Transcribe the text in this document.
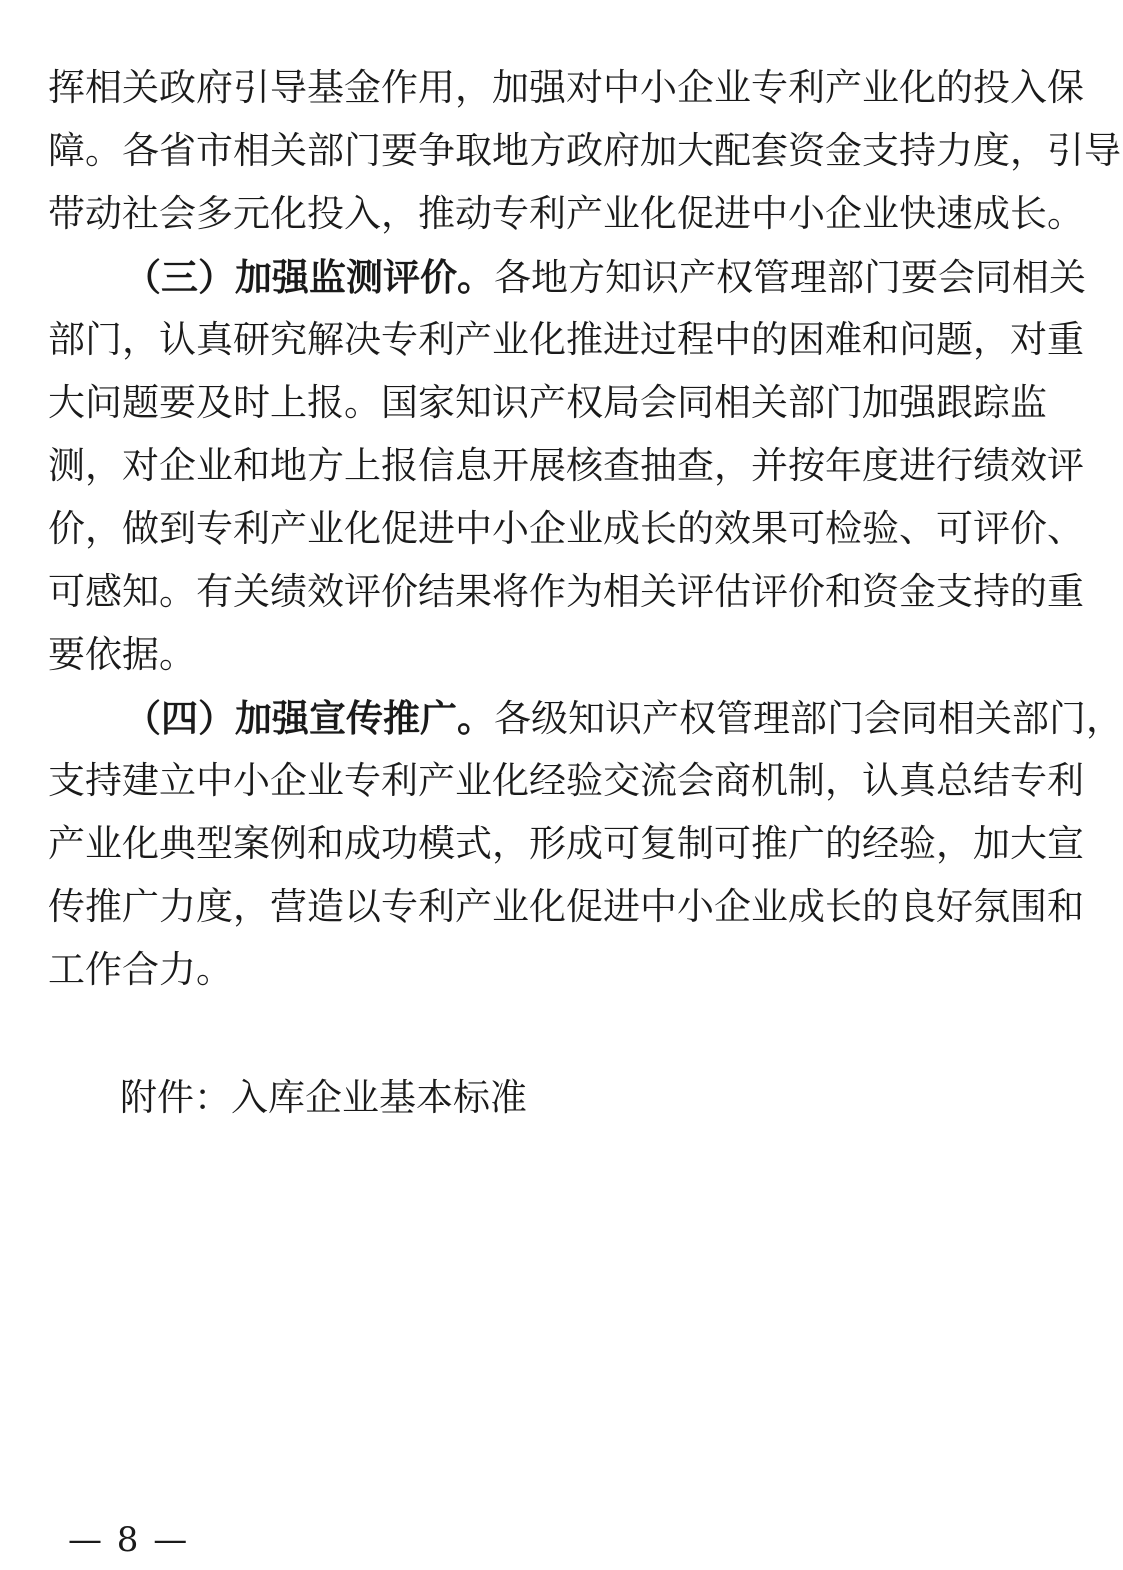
挥相关政府引导基金作用，加强对中小企业专利产业化的投入保
障。各省市相关部门要争取地方政府加大配套资金支持力度，引导
带动社会多元化投入，推动专利产业化促进中小企业快速成长。
（三）加强监测评价。各地方知识产权管理部门要会同相关
部门，认真研究解决专利产业化推进过程中的困难和问题，对重
大问题要及时上报。国家知识产权局会同相关部门加强跟踪监
测，对企业和地方上报信息开展核查抽查，并按年度进行绩效评
价，做到专利产业化促进中小企业成长的效果可检验、可评价、
可感知。有关绩效评价结果将作为相关评估评价和资金支持的重
要依据。
（四）加强宣传推广。各级知识产权管理部门会同相关部门，
支持建立中小企业专利产业化经验交流会商机制，认真总结专利
产业化典型案例和成功模式，形成可复制可推广的经验，加大宣
传推广力度，营造以专利产业化促进中小企业成长的良好氛围和
工作合力。
附件：入库企业基本标准
— 8 —
